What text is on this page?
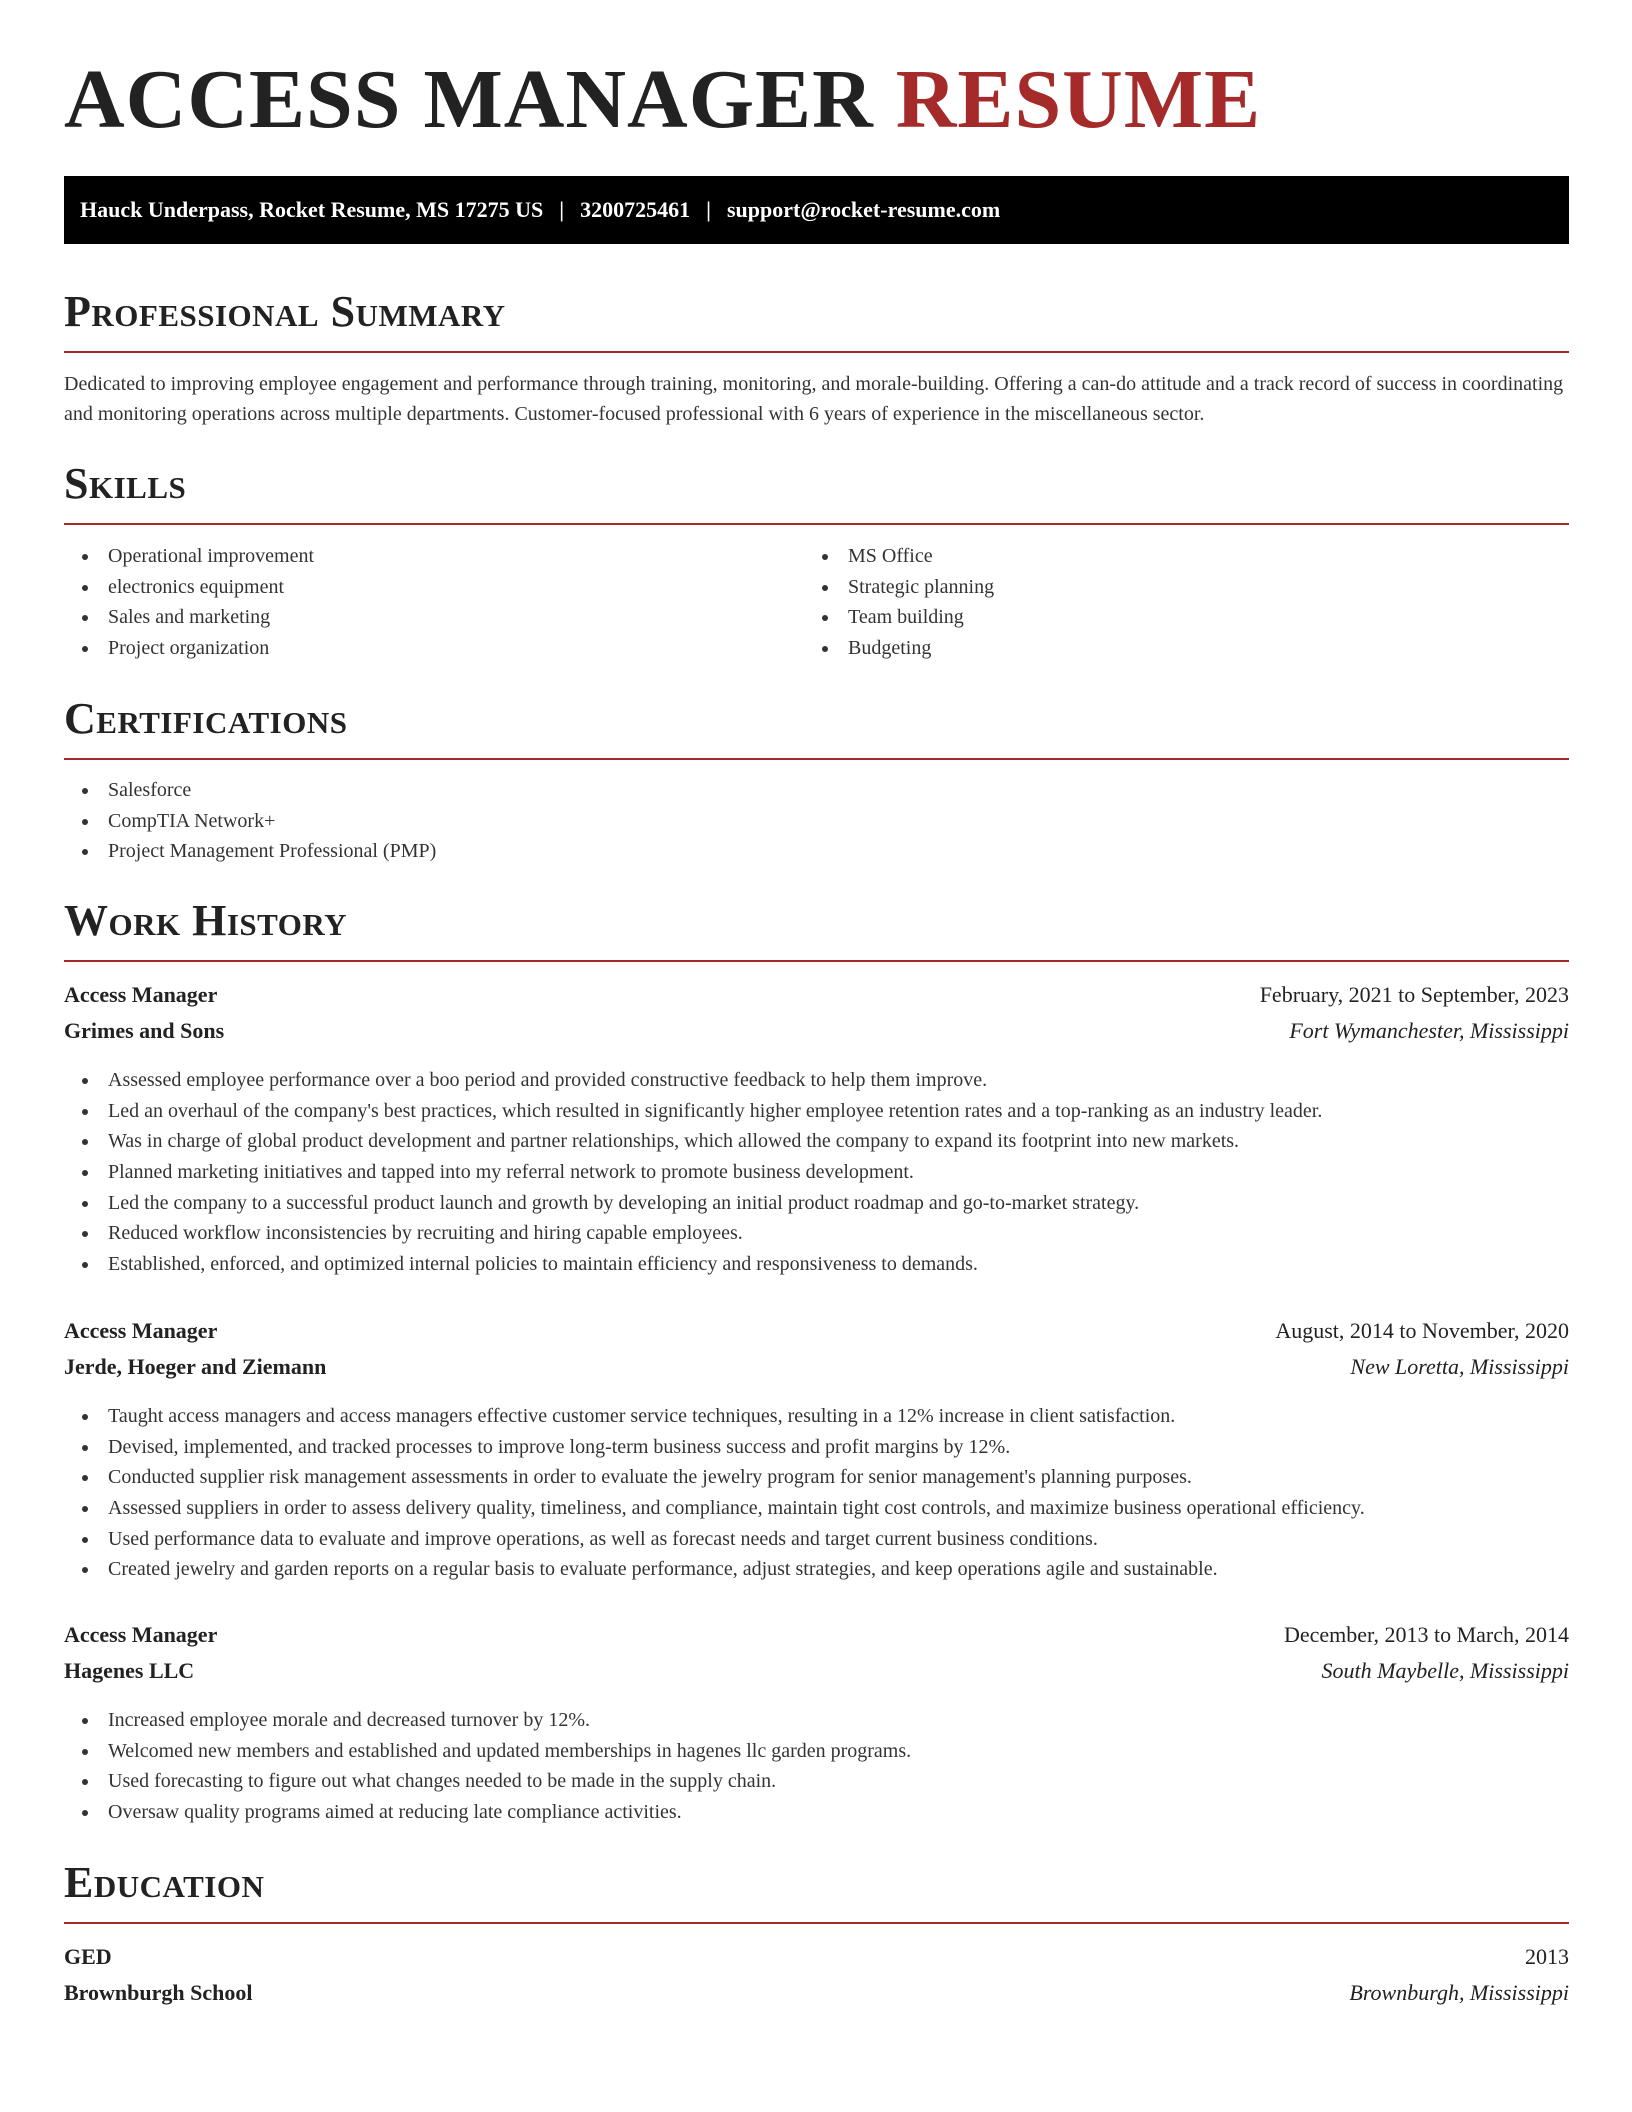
ACCESS MANAGER RESUME
Hauck Underpass, Rocket Resume, MS 17275 US | 3200725461 | support@rocket-resume.com
Professional Summary
Dedicated to improving employee engagement and performance through training, monitoring, and morale-building. Offering a can-do attitude and a track record of success in coordinating and monitoring operations across multiple departments. Customer-focused professional with 6 years of experience in the miscellaneous sector.
Skills
Operational improvement
electronics equipment
Sales and marketing
Project organization
MS Office
Strategic planning
Team building
Budgeting
Certifications
Salesforce
CompTIA Network+
Project Management Professional (PMP)
Work History
Access Manager	February, 2021 to September, 2023
Grimes and Sons	Fort Wymanchester, Mississippi
Assessed employee performance over a boo period and provided constructive feedback to help them improve.
Led an overhaul of the company's best practices, which resulted in significantly higher employee retention rates and a top-ranking as an industry leader.
Was in charge of global product development and partner relationships, which allowed the company to expand its footprint into new markets.
Planned marketing initiatives and tapped into my referral network to promote business development.
Led the company to a successful product launch and growth by developing an initial product roadmap and go-to-market strategy.
Reduced workflow inconsistencies by recruiting and hiring capable employees.
Established, enforced, and optimized internal policies to maintain efficiency and responsiveness to demands.
Access Manager	August, 2014 to November, 2020
Jerde, Hoeger and Ziemann	New Loretta, Mississippi
Taught access managers and access managers effective customer service techniques, resulting in a 12% increase in client satisfaction.
Devised, implemented, and tracked processes to improve long-term business success and profit margins by 12%.
Conducted supplier risk management assessments in order to evaluate the jewelry program for senior management's planning purposes.
Assessed suppliers in order to assess delivery quality, timeliness, and compliance, maintain tight cost controls, and maximize business operational efficiency.
Used performance data to evaluate and improve operations, as well as forecast needs and target current business conditions.
Created jewelry and garden reports on a regular basis to evaluate performance, adjust strategies, and keep operations agile and sustainable.
Access Manager	December, 2013 to March, 2014
Hagenes LLC	South Maybelle, Mississippi
Increased employee morale and decreased turnover by 12%.
Welcomed new members and established and updated memberships in hagenes llc garden programs.
Used forecasting to figure out what changes needed to be made in the supply chain.
Oversaw quality programs aimed at reducing late compliance activities.
Education
GED	2013
Brownburgh School	Brownburgh, Mississippi
